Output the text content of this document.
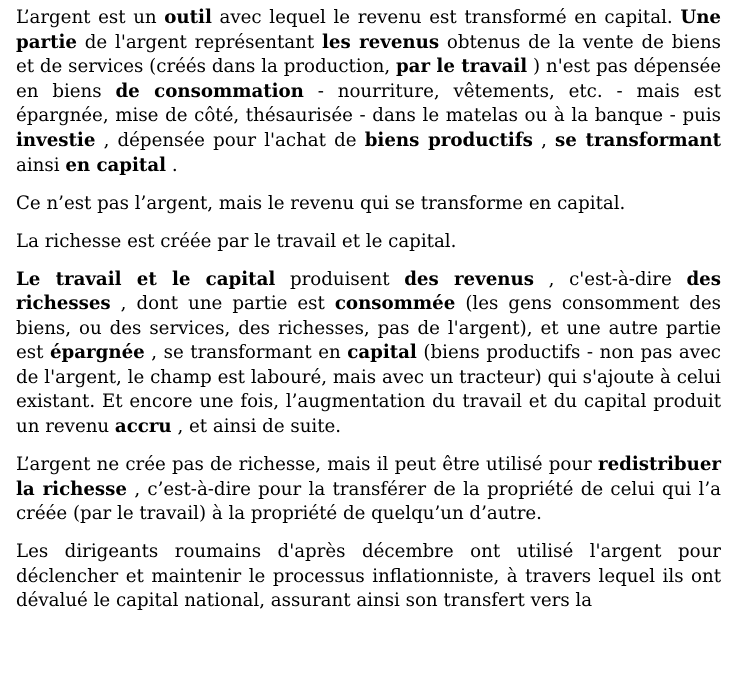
L’argent est un outil avec lequel le revenu est transformé en capital. Une partie de l'argent représentant les revenus obtenus de la vente de biens et de services (créés dans la production, par le travail ) n'est pas dépensée en biens de consommation - nourriture, vêtements, etc. - mais est épargnée, mise de côté, thésaurisée - dans le matelas ou à la banque - puis investie , dépensée pour l'achat de biens productifs , se transformant ainsi en capital .

Ce n’est pas l’argent, mais le revenu qui se transforme en capital.

La richesse est créée par le travail et le capital.

Le travail et le capital produisent des revenus , c'est-à-dire des richesses , dont une partie est consommée (les gens consomment des biens, ou des services, des richesses, pas de l'argent), et une autre partie est épargnée , se transformant en capital (biens productifs - non pas avec de l'argent, le champ est labouré, mais avec un tracteur) qui s'ajoute à celui existant. Et encore une fois, l’augmentation du travail et du capital produit un revenu accru , et ainsi de suite.

L’argent ne crée pas de richesse, mais il peut être utilisé pour redistribuer la richesse , c’est-à-dire pour la transférer de la propriété de celui qui l’a créée (par le travail) à la propriété de quelqu’un d’autre.

Les dirigeants roumains d'après décembre ont utilisé l'argent pour déclencher et maintenir le processus inflationniste, à travers lequel ils ont dévalué le capital national, assurant ainsi son transfert vers la
